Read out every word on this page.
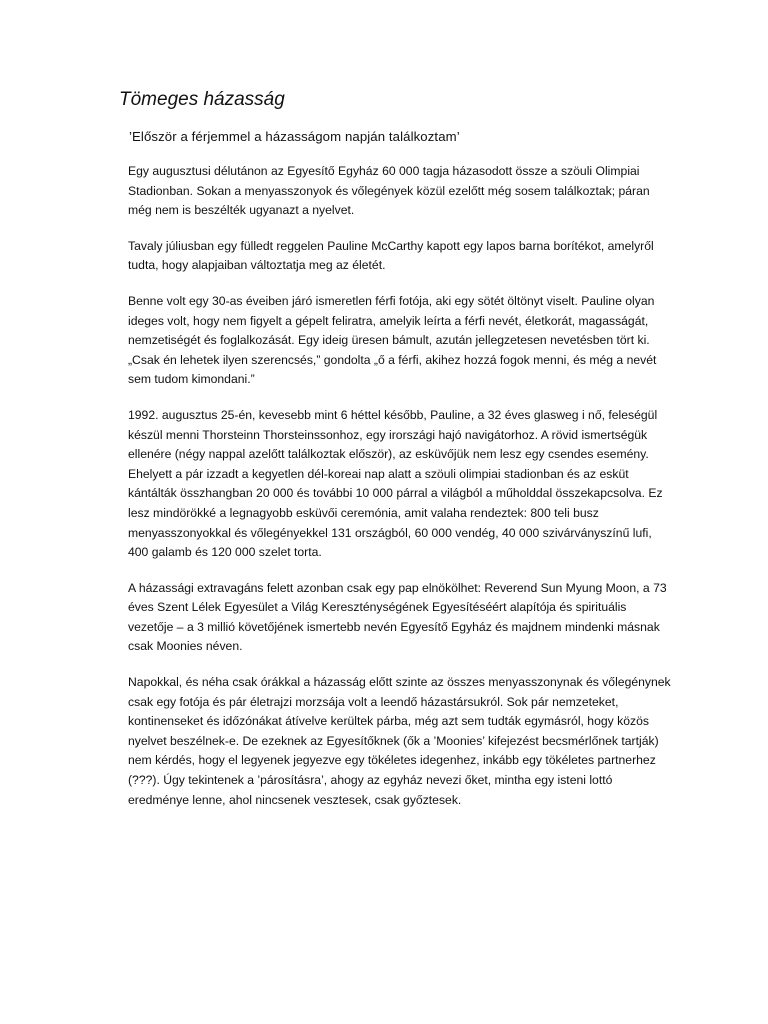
Tömeges házasság

’Először a férjemmel a házasságom napján találkoztam’

Egy augusztusi délutánon az Egyesítő Egyház 60 000 tagja házasodott össze a szöuli Olimpiai Stadionban. Sokan a menyasszonyok és vőlegények közül ezelőtt még sosem találkoztak; páran még nem is beszélték ugyanazt a nyelvet.

Tavaly júliusban egy fülledt reggelen Pauline McCarthy kapott egy lapos barna borítékot, amelyről tudta, hogy alapjaiban változtatja meg az életét.

Benne volt egy 30-as éveiben járó ismeretlen férfi fotója, aki egy sötét öltönyt viselt. Pauline olyan ideges volt, hogy nem figyelt a gépelt feliratra, amelyik leírta a férfi nevét, életkorát, magasságát, nemzetiségét és foglalkozását. Egy ideig üresen bámult, azután jellegzetesen nevetésben tört ki. „Csak én lehetek ilyen szerencsés,” gondolta „ő a férfi, akihez hozzá fogok menni, és még a nevét sem tudom kimondani.”

1992. augusztus 25-én, kevesebb mint 6 héttel később, Pauline, a 32 éves glasweg i nő, feleségül készül menni Thorsteinn Thorsteinssonhoz, egy irországi hajó navigátorhoz. A rövid ismertségük ellenére (négy nappal azelőtt találkoztak először), az esküvőjük nem lesz egy csendes esemény. Ehelyett a pár izzadt a kegyetlen dél-koreai nap alatt a szöuli olimpiai stadionban és az esküt kántálták összhangban 20 000 és további 10 000 párral a világból a műholddal összekapcsolva. Ez lesz mindörökké a legnagyobb esküvői ceremónia, amit valaha rendeztek: 800 teli busz menyasszonyokkal és vőlegényekkel 131 országból, 60 000 vendég, 40 000 szivárványszínű lufi, 400 galamb és 120 000 szelet torta.

A házassági extravagáns felett azonban csak egy pap elnökölhet: Reverend Sun Myung Moon, a 73 éves Szent Lélek Egyesület a Világ Kereszténységének Egyesítéséért alapítója és spirituális vezetője – a 3 millió követőjének ismertebb nevén Egyesítő Egyház és majdnem mindenki másnak csak Moonies néven.

Napokkal, és néha csak órákkal a házasság előtt szinte az összes menyasszonynak és vőlegénynek csak egy fotója és pár életrajzi morzsája volt a leendő házastársukról. Sok pár nemzeteket, kontinenseket és időzónákat átívelve kerültek párba, még azt sem tudták egymásról, hogy közös nyelvet beszélnek-e. De ezeknek az Egyesítőknek (ők a ’Moonies’ kifejezést becsmérlőnek tartják) nem kérdés, hogy el legyenek jegyezve egy tökéletes idegenhez, inkább egy tökéletes partnerhez (???). Úgy tekintenek a ’párosításra’, ahogy az egyház nevezi őket, mintha egy isteni lottó eredménye lenne, ahol nincsenek vesztesek, csak győztesek.
